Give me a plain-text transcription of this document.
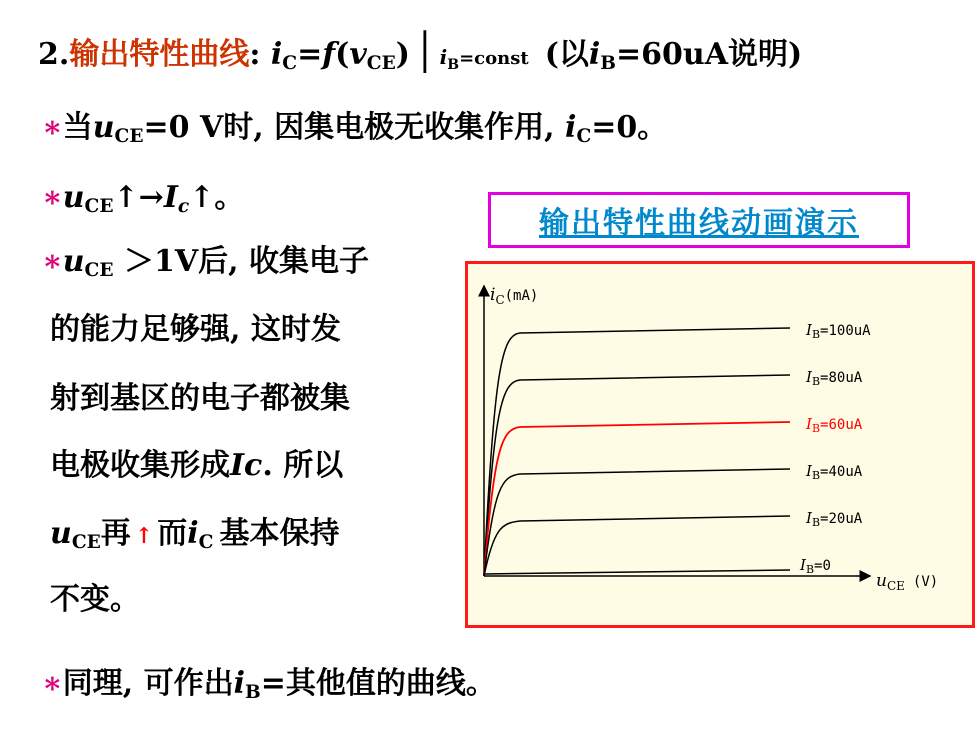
2.输出特性曲线: iC=f(vCE) │ iB=const (以iB=60uA说明)
∗当uCE=0 V时, 因集电极无收集作用, iC=0。
∗uCE↑→Ic↑。
∗uCE ＞1V后, 收集电子
的能力足够强, 这时发
射到基区的电子都被集
电极收集形成Ic. 所以
uCE再 ↑ 而iC 基本保持
不变。
∗同理, 可作出iB=其他值的曲线。
输出特性曲线动画演示
$i_C^{(mA)}$
$u_{CE}$ $^{(V)}$
$I_B=100uA$
$I_B=80uA$
$I_B=60uA$
$I_B=40uA$
$I_B=20uA$
$I_B=0$
